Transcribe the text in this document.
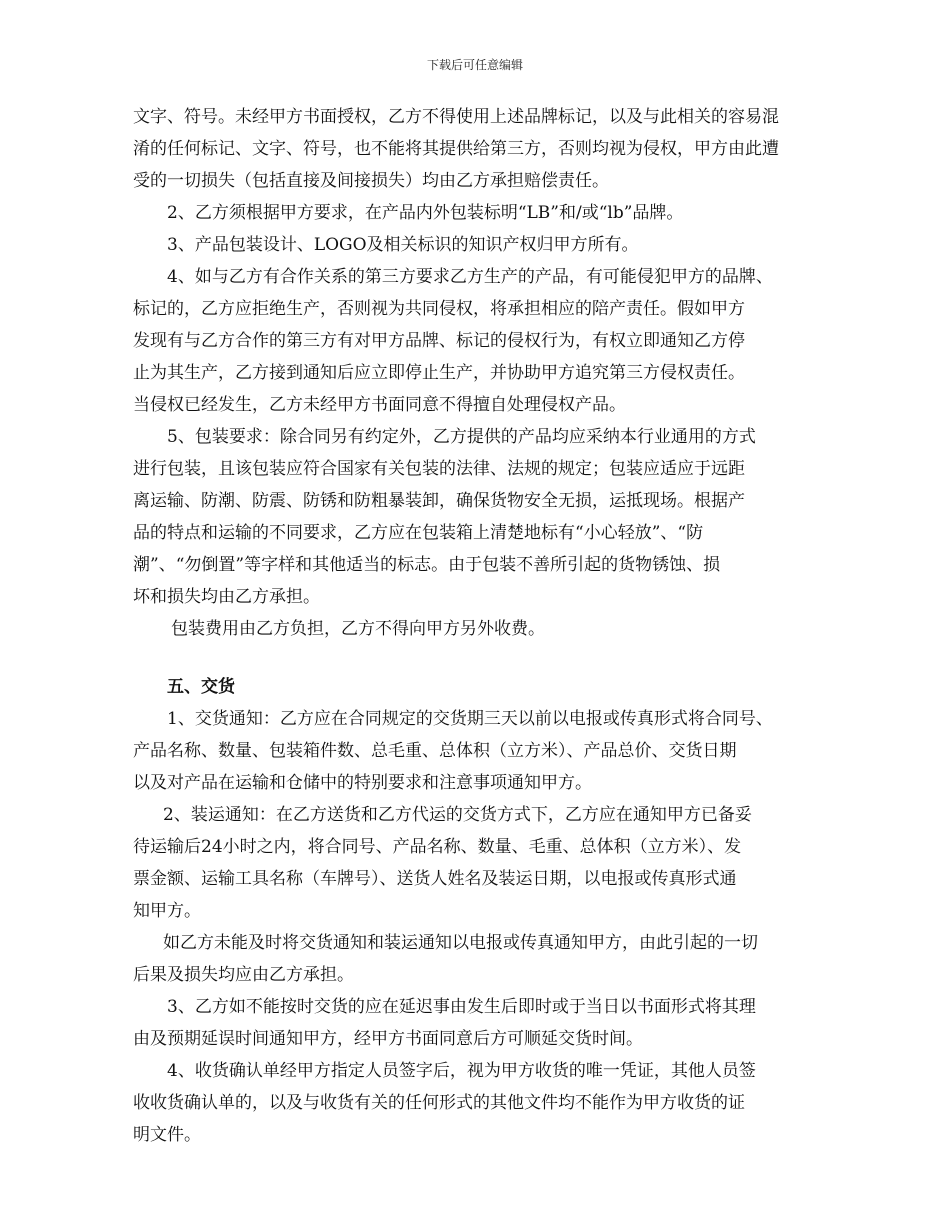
下载后可任意编辑
文字、符号。未经甲方书面授权，乙方不得使用上述品牌标记，以及与此相关的容易混
淆的任何标记、文字、符号，也不能将其提供给第三方，否则均视为侵权，甲方由此遭
受的一切损失（包括直接及间接损失）均由乙方承担赔偿责任。
2、乙方须根据甲方要求，在产品内外包装标明“LB”和/或“lb”品牌。
3、产品包装设计、LOGO及相关标识的知识产权归甲方所有。
4、如与乙方有合作关系的第三方要求乙方生产的产品，有可能侵犯甲方的品牌、
标记的，乙方应拒绝生产，否则视为共同侵权，将承担相应的陪产责任。假如甲方
发现有与乙方合作的第三方有对甲方品牌、标记的侵权行为，有权立即通知乙方停
止为其生产，乙方接到通知后应立即停止生产，并协助甲方追究第三方侵权责任。
当侵权已经发生，乙方未经甲方书面同意不得擅自处理侵权产品。
5、包装要求：除合同另有约定外，乙方提供的产品均应采纳本行业通用的方式
进行包装，且该包装应符合国家有关包装的法律、法规的规定；包装应适应于远距
离运输、防潮、防震、防锈和防粗暴装卸，确保货物安全无损，运抵现场。根据产
品的特点和运输的不同要求，乙方应在包装箱上清楚地标有“小心轻放”、“防
潮”、“勿倒置”等字样和其他适当的标志。由于包装不善所引起的货物锈蚀、损
坏和损失均由乙方承担。
包装费用由乙方负担，乙方不得向甲方另外收费。
五、交货
1、交货通知：乙方应在合同规定的交货期三天以前以电报或传真形式将合同号、
产品名称、数量、包装箱件数、总毛重、总体积（立方米）、产品总价、交货日期
以及对产品在运输和仓储中的特别要求和注意事项通知甲方。
2、装运通知：在乙方送货和乙方代运的交货方式下，乙方应在通知甲方已备妥
待运输后24小时之内，将合同号、产品名称、数量、毛重、总体积（立方米）、发
票金额、运输工具名称（车牌号）、送货人姓名及装运日期，以电报或传真形式通
知甲方。
如乙方未能及时将交货通知和装运通知以电报或传真通知甲方，由此引起的一切
后果及损失均应由乙方承担。
3、乙方如不能按时交货的应在延迟事由发生后即时或于当日以书面形式将其理
由及预期延误时间通知甲方，经甲方书面同意后方可顺延交货时间。
4、收货确认单经甲方指定人员签字后，视为甲方收货的唯一凭证，其他人员签
收收货确认单的，以及与收货有关的任何形式的其他文件均不能作为甲方收货的证
明文件。
